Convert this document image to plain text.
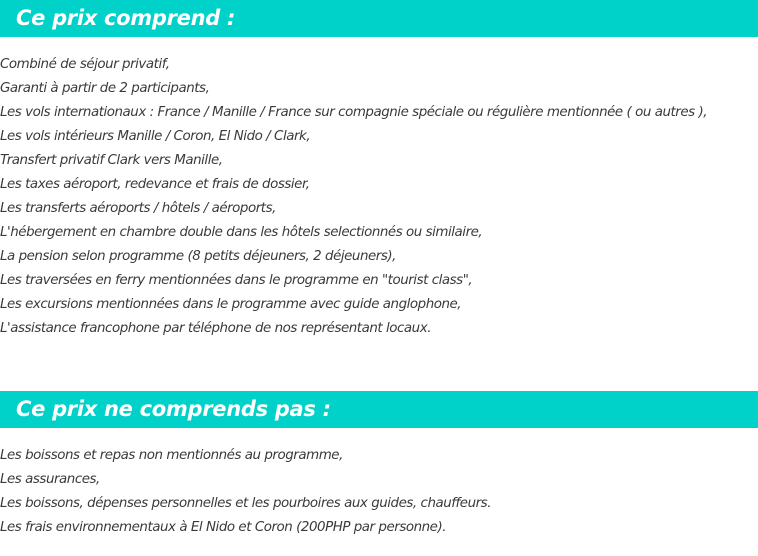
Ce prix comprend :
Combiné de séjour privatif,
Garanti à partir de 2 participants,
Les vols internationaux : France / Manille / France sur compagnie spéciale ou régulière mentionnée ( ou autres ),
Les vols intérieurs Manille / Coron, El Nido / Clark,
Transfert privatif Clark vers Manille,
Les taxes aéroport, redevance et frais de dossier,
Les transferts aéroports / hôtels / aéroports,
L'hébergement en chambre double dans les hôtels selectionnés ou similaire,
La pension selon programme (8 petits déjeuners, 2 déjeuners),
Les traversées en ferry mentionnées dans le programme en "tourist class",
Les excursions mentionnées dans le programme avec guide anglophone,
L'assistance francophone par téléphone de nos représentant locaux.
Ce prix ne comprends pas :
Les boissons et repas non mentionnés au programme,
Les assurances,
Les boissons, dépenses personnelles et les pourboires aux guides, chauffeurs.
Les frais environnementaux à El Nido et Coron (200PHP par personne).
